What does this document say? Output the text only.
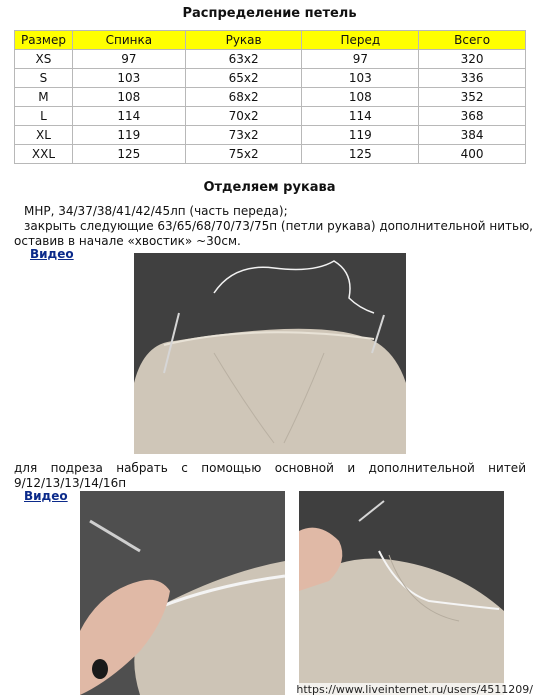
Распределение петель
Размер	Спинка	Рукав	Перед	Всего
XS	97	63x2	97	320
S	103	65x2	103	336
M	108	68x2	108	352
L	114	70x2	114	368
XL	119	73x2	119	384
XXL	125	75x2	125	400
Отделяем рукава
МНР, 34/37/38/41/42/45лп (часть переда);
закрыть следующие 63/65/68/70/73/75п (петли рукава) дополнительной нитью,
оставив в начале «хвостик» ~30см.
Видео
для подреза набрать с помощью основной и дополнительной нитей
9/12/13/13/14/16п
Видео
https://www.liveinternet.ru/users/4511209/
